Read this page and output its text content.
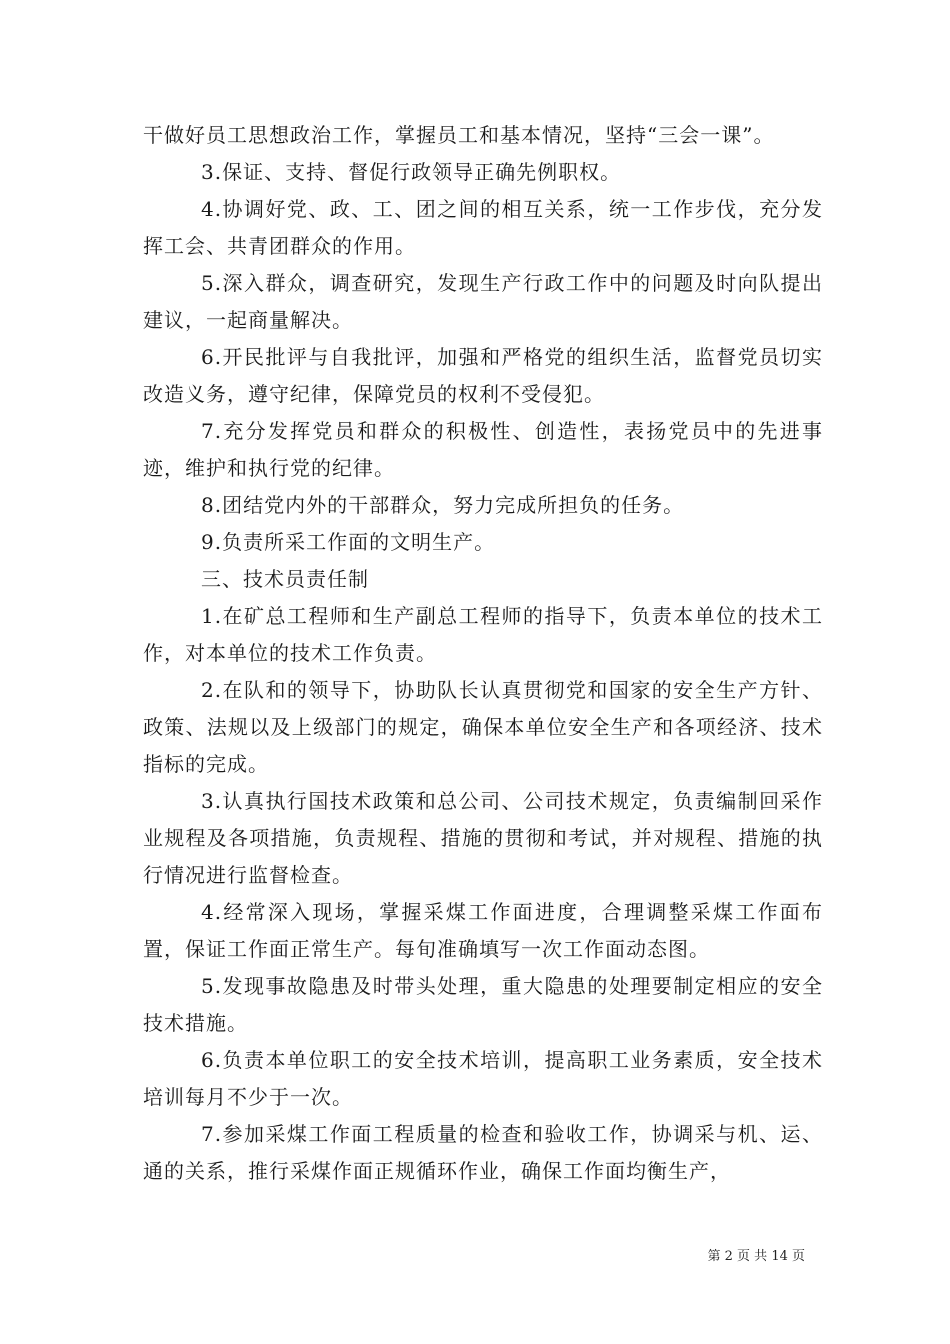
干做好员工思想政治工作，掌握员工和基本情况，坚持“三会一课”。

3.保证、支持、督促行政领导正确先例职权。

4.协调好党、政、工、团之间的相互关系，统一工作步伐，充分发挥工会、共青团群众的作用。

5.深入群众，调查研究，发现生产行政工作中的问题及时向队提出建议，一起商量解决。

6.开民批评与自我批评，加强和严格党的组织生活，监督党员切实改造义务，遵守纪律，保障党员的权利不受侵犯。

7.充分发挥党员和群众的积极性、创造性，表扬党员中的先进事迹，维护和执行党的纪律。

8.团结党内外的干部群众，努力完成所担负的任务。

9.负责所采工作面的文明生产。

三、技术员责任制

1.在矿总工程师和生产副总工程师的指导下，负责本单位的技术工作，对本单位的技术工作负责。

2.在队和的领导下，协助队长认真贯彻党和国家的安全生产方针、政策、法规以及上级部门的规定，确保本单位安全生产和各项经济、技术指标的完成。

3.认真执行国技术政策和总公司、公司技术规定，负责编制回采作业规程及各项措施，负责规程、措施的贯彻和考试，并对规程、措施的执行情况进行监督检查。

4.经常深入现场，掌握采煤工作面进度，合理调整采煤工作面布置，保证工作面正常生产。每旬准确填写一次工作面动态图。

5.发现事故隐患及时带头处理，重大隐患的处理要制定相应的安全技术措施。

6.负责本单位职工的安全技术培训，提高职工业务素质，安全技术培训每月不少于一次。

7.参加采煤工作面工程质量的检查和验收工作，协调采与机、运、通的关系，推行采煤作面正规循环作业，确保工作面均衡生产，

第 2 页 共 14 页
